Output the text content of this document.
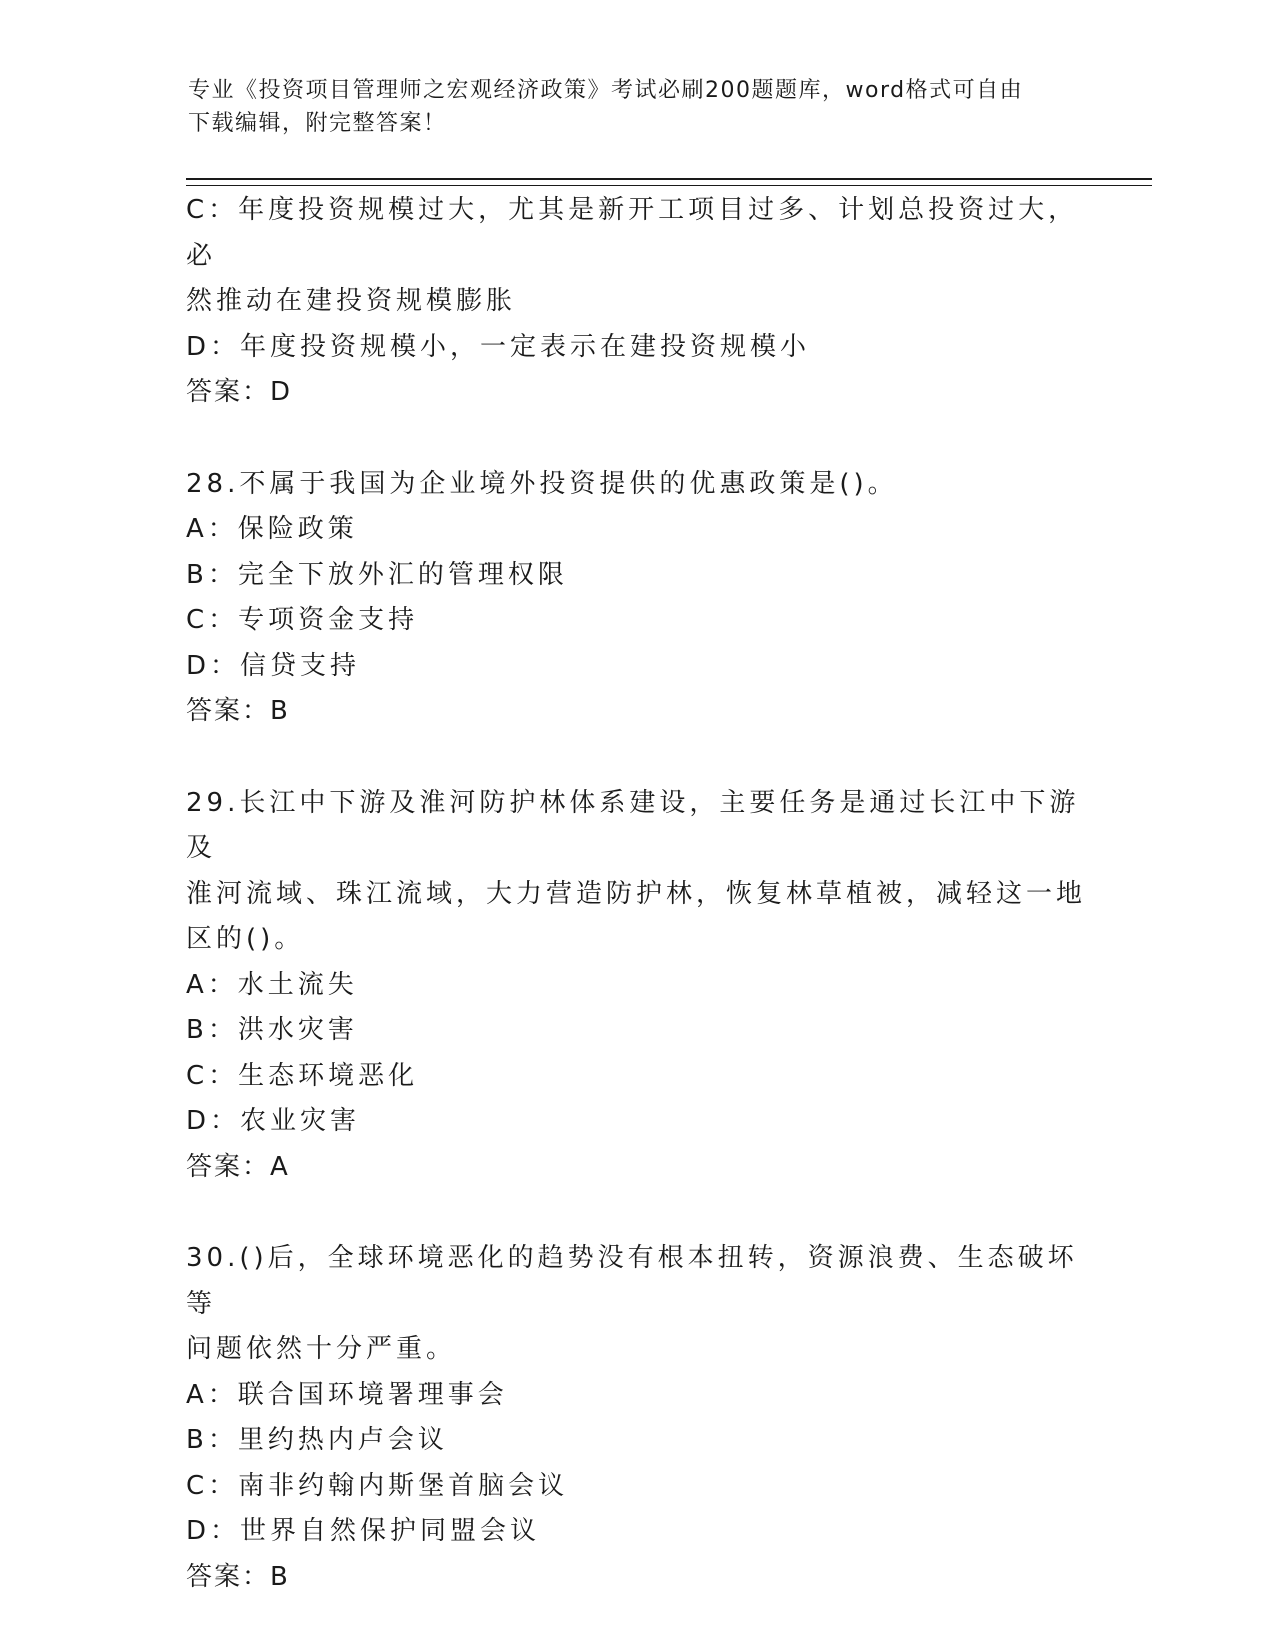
专业《投资项目管理师之宏观经济政策》考试必刷200题题库，word格式可自由
下载编辑，附完整答案！
C：年度投资规模过大，尤其是新开工项目过多、计划总投资过大，必
然推动在建投资规模膨胀
D：年度投资规模小，一定表示在建投资规模小
答案：D
28.不属于我国为企业境外投资提供的优惠政策是()。
A：保险政策
B：完全下放外汇的管理权限
C：专项资金支持
D：信贷支持
答案：B
29.长江中下游及淮河防护林体系建设，主要任务是通过长江中下游及
淮河流域、珠江流域，大力营造防护林，恢复林草植被，减轻这一地
区的()。
A：水土流失
B：洪水灾害
C：生态环境恶化
D：农业灾害
答案：A
30.()后，全球环境恶化的趋势没有根本扭转，资源浪费、生态破坏等
问题依然十分严重。
A：联合国环境署理事会
B：里约热内卢会议
C：南非约翰内斯堡首脑会议
D：世界自然保护同盟会议
答案：B
